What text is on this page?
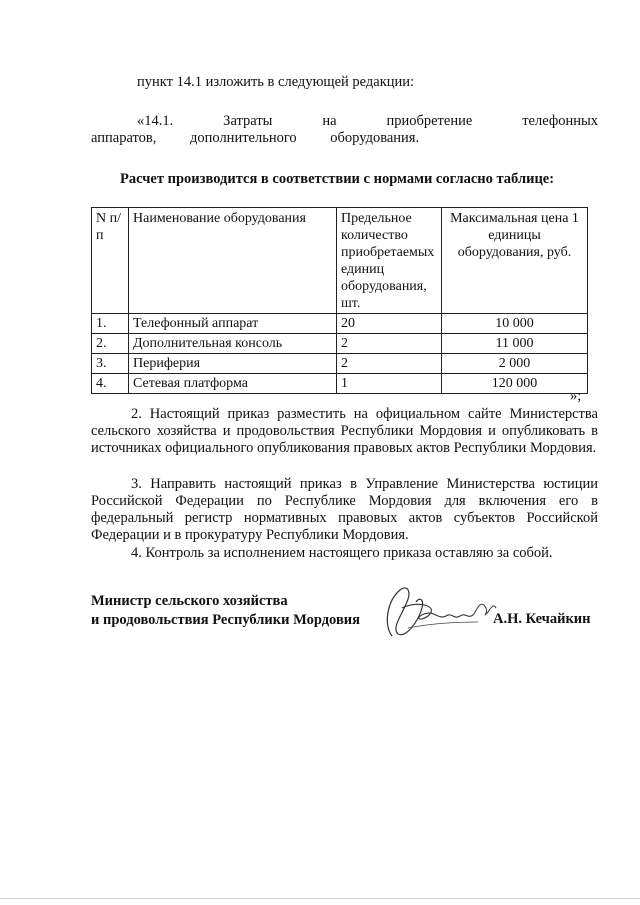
пункт 14.1 изложить в следующей редакции:

«14.1. Затраты на приобретение телефонных аппаратов, дополнительного оборудования.

Расчет производится в соответствии с нормами согласно таблице:

N п/п	Наименование оборудования	Предельное количество приобретаемых единиц оборудования, шт.	Максимальная цена 1 единицы оборудования, руб.
1.	Телефонный аппарат	20	10 000
2.	Дополнительная консоль	2	11 000
3.	Периферия	2	2 000
4.	Сетевая платформа	1	120 000
»;

2. Настоящий приказ разместить на официальном сайте Министерства сельского хозяйства и продовольствия Республики Мордовия и опубликовать в источниках официального опубликования правовых актов Республики Мордовия.

3. Направить настоящий приказ в Управление Министерства юстиции Российской Федерации по Республике Мордовия для включения его в федеральный регистр нормативных правовых актов субъектов Российской Федерации и в прокуратуру Республики Мордовия.

4. Контроль за исполнением настоящего приказа оставляю за собой.

Министр сельского хозяйства
и продовольствия Республики Мордовия	А.Н. Кечайкин
